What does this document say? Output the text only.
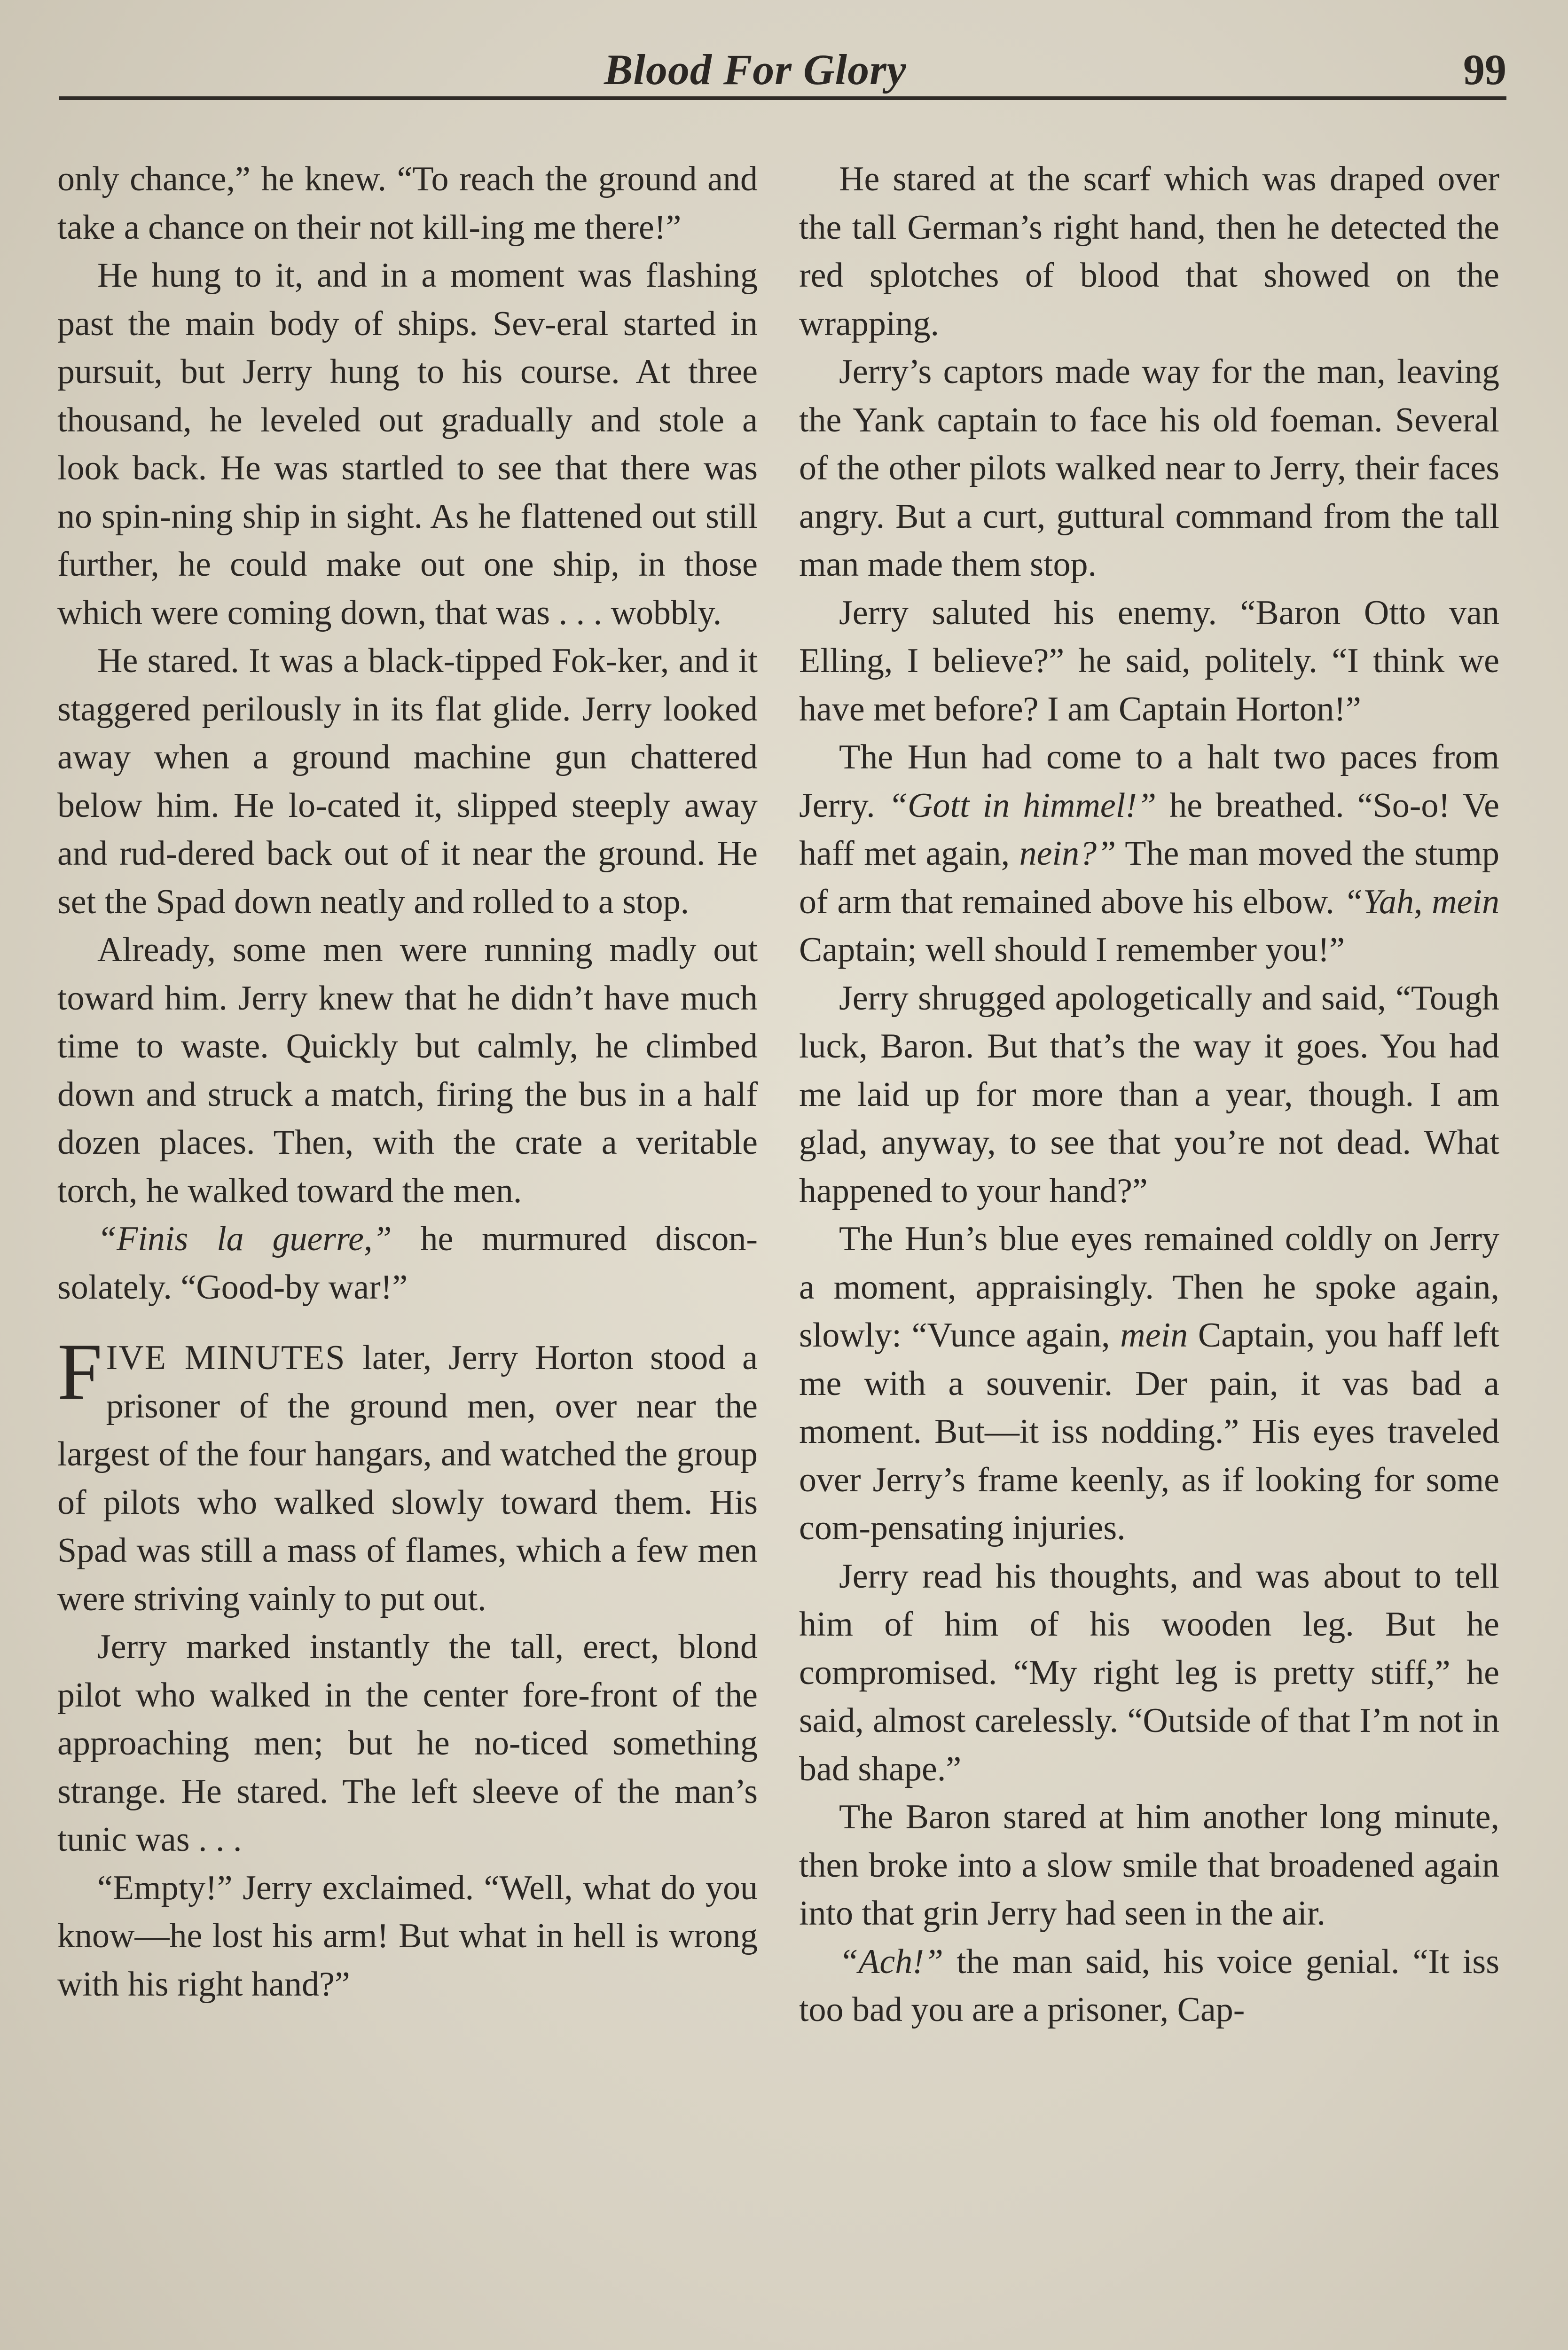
Blood For Glory	99

only chance,” he knew. “To reach the ground and take a chance on their not kill-ing me there!”

He hung to it, and in a moment was flashing past the main body of ships. Sev-eral started in pursuit, but Jerry hung to his course. At three thousand, he leveled out gradually and stole a look back. He was startled to see that there was no spin-ning ship in sight. As he flattened out still further, he could make out one ship, in those which were coming down, that was . . . wobbly.

He stared. It was a black-tipped Fok-ker, and it staggered perilously in its flat glide. Jerry looked away when a ground machine gun chattered below him. He lo-cated it, slipped steeply away and rud-dered back out of it near the ground. He set the Spad down neatly and rolled to a stop.

Already, some men were running madly out toward him. Jerry knew that he didn’t have much time to waste. Quickly but calmly, he climbed down and struck a match, firing the bus in a half dozen places. Then, with the crate a veritable torch, he walked toward the men.

“Finis la guerre,” he murmured discon-solately. “Good-by war!”

FIVE MINUTES later, Jerry Horton stood a prisoner of the ground men, over near the largest of the four hangars, and watched the group of pilots who walked slowly toward them. His Spad was still a mass of flames, which a few men were striving vainly to put out.

Jerry marked instantly the tall, erect, blond pilot who walked in the center fore-front of the approaching men; but he no-ticed something strange. He stared. The left sleeve of the man’s tunic was . . .

“Empty!” Jerry exclaimed. “Well, what do you know—he lost his arm! But what in hell is wrong with his right hand?”

He stared at the scarf which was draped over the tall German’s right hand, then he detected the red splotches of blood that showed on the wrapping.

Jerry’s captors made way for the man, leaving the Yank captain to face his old foeman. Several of the other pilots walked near to Jerry, their faces angry. But a curt, guttural command from the tall man made them stop.

Jerry saluted his enemy. “Baron Otto van Elling, I believe?” he said, politely. “I think we have met before? I am Captain Horton!”

The Hun had come to a halt two paces from Jerry. “Gott in himmel!” he breathed. “So-o! Ve haff met again, nein?” The man moved the stump of arm that remained above his elbow. “Yah, mein Captain; well should I remember you!”

Jerry shrugged apologetically and said, “Tough luck, Baron. But that’s the way it goes. You had me laid up for more than a year, though. I am glad, anyway, to see that you’re not dead. What happened to your hand?”

The Hun’s blue eyes remained coldly on Jerry a moment, appraisingly. Then he spoke again, slowly: “Vunce again, mein Captain, you haff left me with a souvenir. Der pain, it vas bad a moment. But—it iss nodding.” His eyes traveled over Jerry’s frame keenly, as if looking for some com-pensating injuries.

Jerry read his thoughts, and was about to tell him of him of his wooden leg. But he compromised. “My right leg is pretty stiff,” he said, almost carelessly. “Outside of that I’m not in bad shape.”

The Baron stared at him another long minute, then broke into a slow smile that broadened again into that grin Jerry had seen in the air.

“Ach!” the man said, his voice genial. “It iss too bad you are a prisoner, Cap-
